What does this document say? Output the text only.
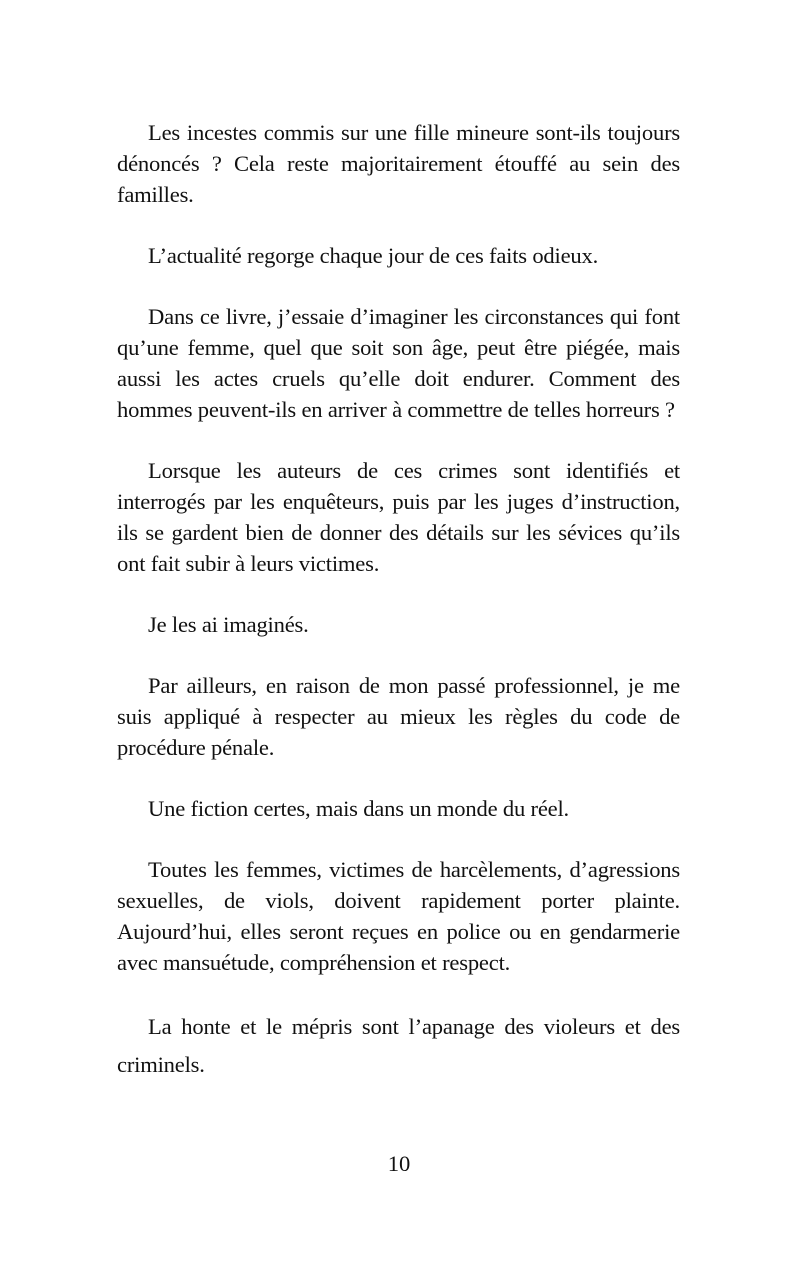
Les incestes commis sur une fille mineure sont-ils toujours dénoncés ? Cela reste majoritairement étouffé au sein des familles.

L’actualité regorge chaque jour de ces faits odieux.

Dans ce livre, j’essaie d’imaginer les circonstances qui font qu’une femme, quel que soit son âge, peut être piégée, mais aussi les actes cruels qu’elle doit endurer. Comment des hommes peuvent-ils en arriver à commettre de telles horreurs ?

Lorsque les auteurs de ces crimes sont identifiés et interrogés par les enquêteurs, puis par les juges d’instruction, ils se gardent bien de donner des détails sur les sévices qu’ils ont fait subir à leurs victimes.

Je les ai imaginés.

Par ailleurs, en raison de mon passé professionnel, je me suis appliqué à respecter au mieux les règles du code de procédure pénale.

Une fiction certes, mais dans un monde du réel.

Toutes les femmes, victimes de harcèlements, d’agressions sexuelles, de viols, doivent rapidement porter plainte. Aujourd’hui, elles seront reçues en police ou en gendarmerie avec mansuétude, compréhension et respect.

La honte et le mépris sont l’apanage des violeurs et des criminels.

10
